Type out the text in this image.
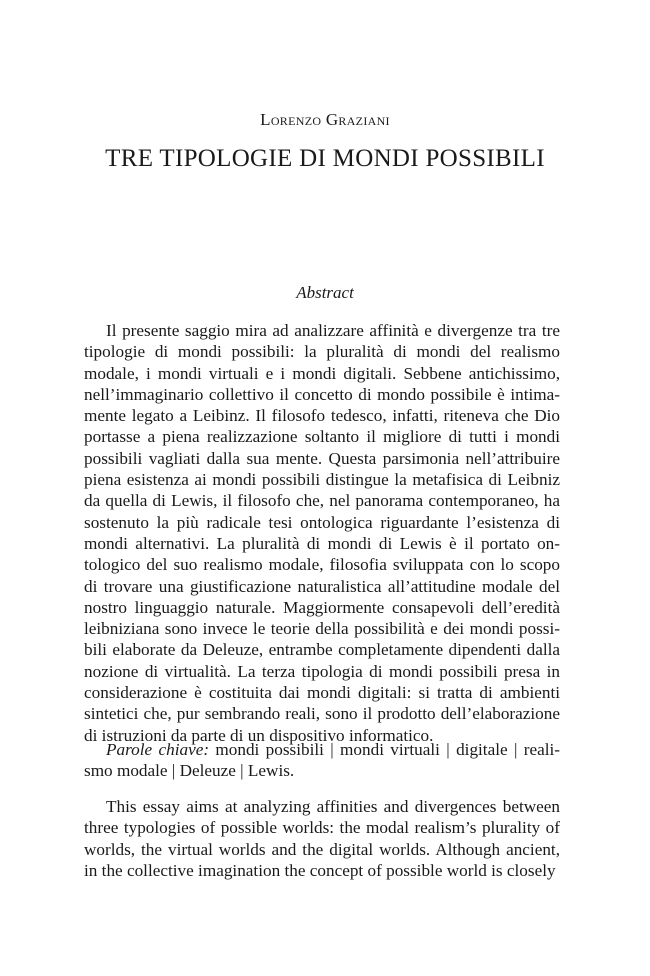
Lorenzo Graziani
TRE TIPOLOGIE DI MONDI POSSIBILI
Abstract

Il presente saggio mira ad analizzare affinità e divergenze tra tre tipologie di mondi possibili: la pluralità di mondi del realismo modale, i mondi virtuali e i mondi digitali. Sebbene antichissimo, nell’immaginario collettivo il concetto di mondo possibile è intimamente legato a Leibinz. Il filosofo tedesco, infatti, riteneva che Dio portasse a piena realizzazione soltanto il migliore di tutti i mondi possibili vagliati dalla sua mente. Questa parsimonia nell’attribuire piena esistenza ai mondi possibili distingue la metafisica di Leibniz da quella di Lewis, il filosofo che, nel panorama contemporaneo, ha sostenuto la più radicale tesi ontologica riguardante l’esistenza di mondi alternativi. La pluralità di mondi di Lewis è il portato ontologico del suo realismo modale, filosofia sviluppata con lo scopo di trovare una giustificazione naturalistica all’attitudine modale del nostro linguaggio naturale. Maggiormente consapevoli dell’eredità leibniziana sono invece le teorie della possibilità e dei mondi possibili elaborate da Deleuze, entrambe completamente dipendenti dalla nozione di virtualità. La terza tipologia di mondi possibili presa in considerazione è costituita dai mondi digitali: si tratta di ambienti sintetici che, pur sembrando reali, sono il prodotto dell’elaborazione di istruzioni da parte di un dispositivo informatico.

Parole chiave: mondi possibili | mondi virtuali | digitale | realismo modale | Deleuze | Lewis.

This essay aims at analyzing affinities and divergences between three typologies of possible worlds: the modal realism’s plurality of worlds, the virtual worlds and the digital worlds. Although ancient, in the collective imagination the concept of possible world is closely
